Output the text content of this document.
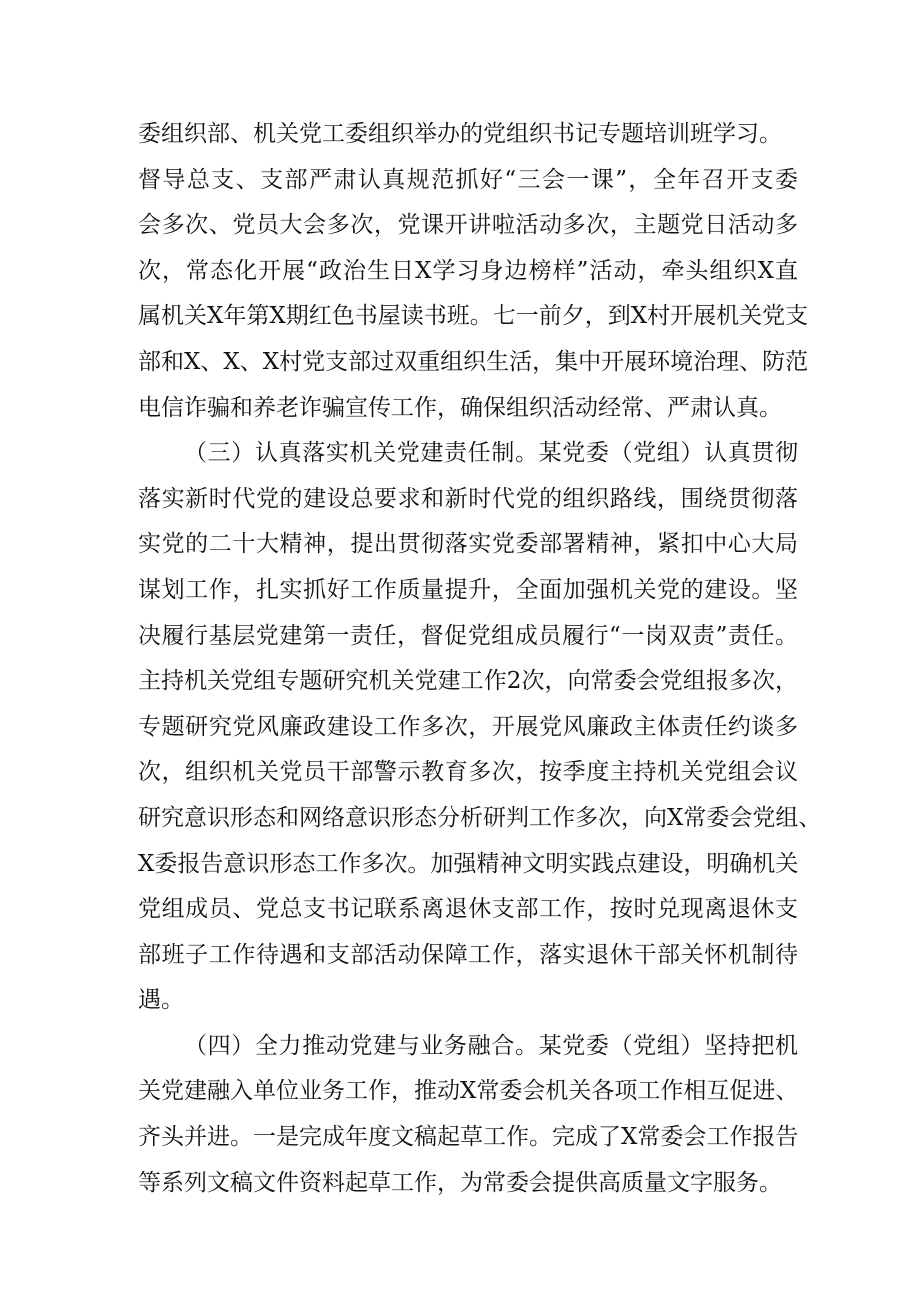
委组织部、机关党工委组织举办的党组织书记专题培训班学习。
督导总支、支部严肃认真规范抓好“三会一课”，全年召开支委
会多次、党员大会多次，党课开讲啦活动多次，主题党日活动多
次，常态化开展“政治生日X学习身边榜样”活动，牵头组织X直
属机关X年第X期红色书屋读书班。七一前夕，到X村开展机关党支
部和X、X、X村党支部过双重组织生活，集中开展环境治理、防范
电信诈骗和养老诈骗宣传工作，确保组织活动经常、严肃认真。
（三）认真落实机关党建责任制。某党委（党组）认真贯彻
落实新时代党的建设总要求和新时代党的组织路线，围绕贯彻落
实党的二十大精神，提出贯彻落实党委部署精神，紧扣中心大局
谋划工作，扎实抓好工作质量提升，全面加强机关党的建设。坚
决履行基层党建第一责任，督促党组成员履行“一岗双责”责任。
主持机关党组专题研究机关党建工作2次，向常委会党组报多次，
专题研究党风廉政建设工作多次，开展党风廉政主体责任约谈多
次，组织机关党员干部警示教育多次，按季度主持机关党组会议
研究意识形态和网络意识形态分析研判工作多次，向X常委会党组、
X委报告意识形态工作多次。加强精神文明实践点建设，明确机关
党组成员、党总支书记联系离退休支部工作，按时兑现离退休支
部班子工作待遇和支部活动保障工作，落实退休干部关怀机制待
遇。
（四）全力推动党建与业务融合。某党委（党组）坚持把机
关党建融入单位业务工作，推动X常委会机关各项工作相互促进、
齐头并进。一是完成年度文稿起草工作。完成了X常委会工作报告
等系列文稿文件资料起草工作，为常委会提供高质量文字服务。
